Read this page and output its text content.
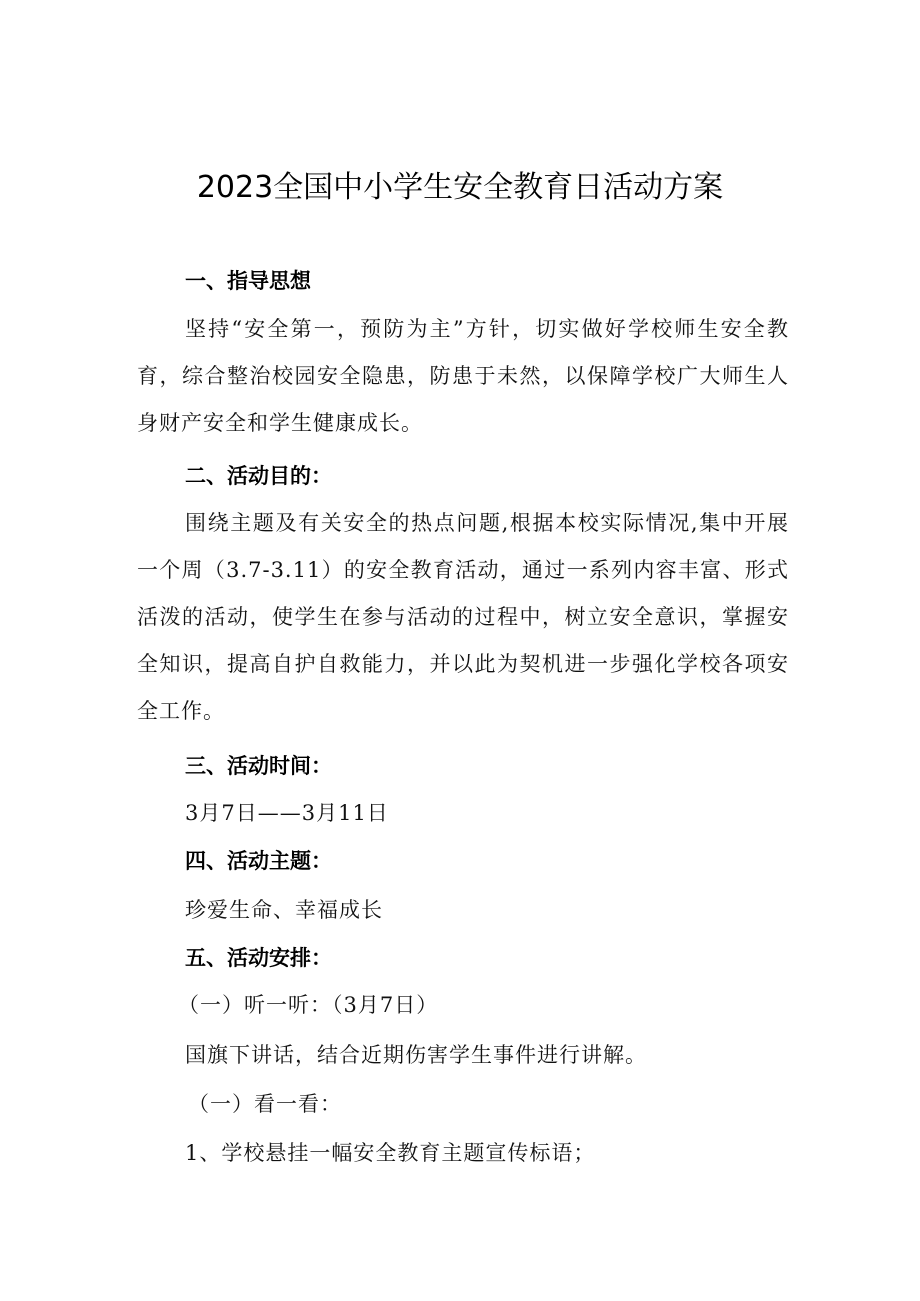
2023全国中小学生安全教育日活动方案
一、指导思想

坚持“安全第一，预防为主”方针，切实做好学校师生安全教育，综合整治校园安全隐患，防患于未然，以保障学校广大师生人身财产安全和学生健康成长。

二、活动目的：

围绕主题及有关安全的热点问题,根据本校实际情况,集中开展一个周（3.7-3.11）的安全教育活动，通过一系列内容丰富、形式活泼的活动，使学生在参与活动的过程中，树立安全意识，掌握安全知识，提高自护自救能力，并以此为契机进一步强化学校各项安全工作。

三、活动时间：

3月7日——3月11日

四、活动主题：

珍爱生命、幸福成长

五、活动安排：

（一）听一听：（3月7日）

国旗下讲话，结合近期伤害学生事件进行讲解。

（一）看一看：

1、学校悬挂一幅安全教育主题宣传标语；
